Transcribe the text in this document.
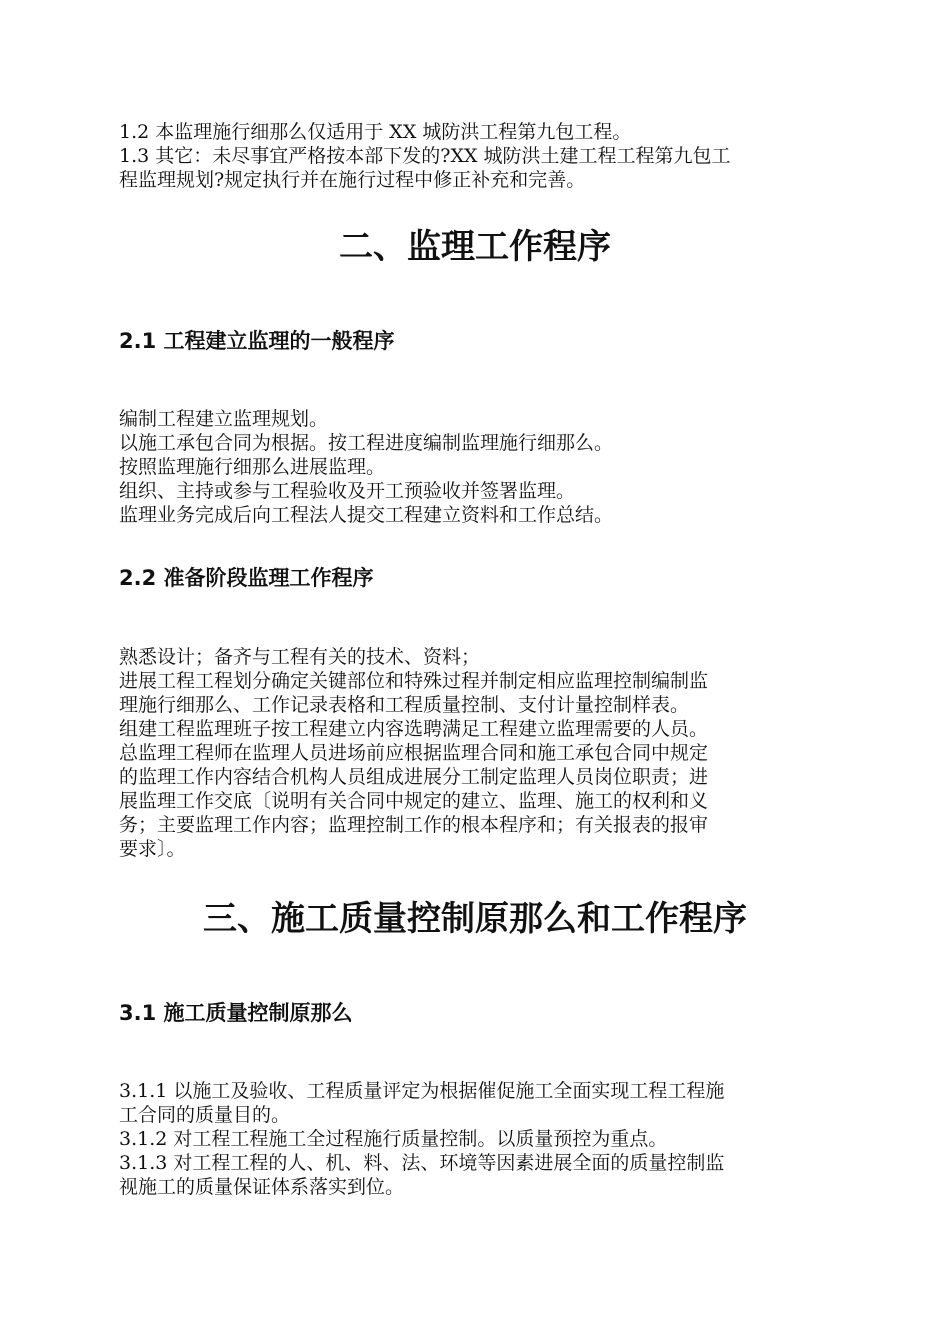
1.2 本监理施行细那么仅适用于 XX 城防洪工程第九包工程。
1.3 其它：未尽事宜严格按本部下发的?XX 城防洪土建工程工程第九包工
程监理规划?规定执行并在施行过程中修正补充和完善。
二、监理工作程序
2.1 工程建立监理的一般程序
编制工程建立监理规划。
以施工承包合同为根据。按工程进度编制监理施行细那么。
按照监理施行细那么进展监理。
组织、主持或参与工程验收及开工预验收并签署监理。
监理业务完成后向工程法人提交工程建立资料和工作总结。
2.2 准备阶段监理工作程序
熟悉设计；备齐与工程有关的技术、资料；
进展工程工程划分确定关键部位和特殊过程并制定相应监理控制编制监
理施行细那么、工作记录表格和工程质量控制、支付计量控制样表。
组建工程监理班子按工程建立内容选聘满足工程建立监理需要的人员。
总监理工程师在监理人员进场前应根据监理合同和施工承包合同中规定
的监理工作内容结合机构人员组成进展分工制定监理人员岗位职责；进
展监理工作交底〔说明有关合同中规定的建立、监理、施工的权利和义
务；主要监理工作内容；监理控制工作的根本程序和；有关报表的报审
要求〕。
三、施工质量控制原那么和工作程序
3.1 施工质量控制原那么
3.1.1 以施工及验收、工程质量评定为根据催促施工全面实现工程工程施
工合同的质量目的。
3.1.2 对工程工程施工全过程施行质量控制。以质量预控为重点。
3.1.3 对工程工程的人、机、料、法、环境等因素进展全面的质量控制监
视施工的质量保证体系落实到位。
